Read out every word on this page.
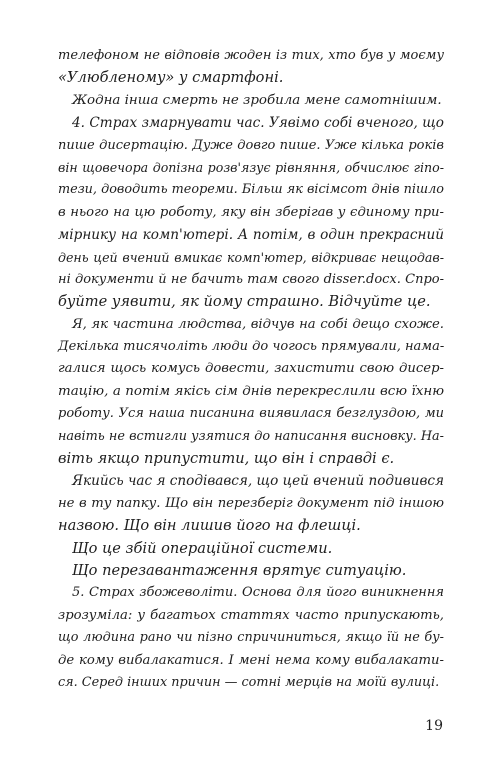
телефоном не відповів жоден із тих, хто був у моєму
«Улюбленому» у смартфоні.
Жодна інша смерть не зробила мене самотнішим.
4. Страх змарнувати час. Уявімо собі вченого, що
пише дисертацію. Дуже довго пише. Уже кілька років
він щовечора допізна розв'язує рівняння, обчислює гіпо-
тези, доводить теореми. Більш як вісімсот днів пішло
в нього на цю роботу, яку він зберігав у єдиному при-
мірнику на комп'ютері. А потім, в один прекрасний
день цей вчений вмикає комп'ютер, відкриває нещодав-
ні документи й не бачить там свого disser.docx. Спро-
буйте уявити, як йому страшно. Відчуйте це.
Я, як частина людства, відчув на собі дещо схоже.
Декілька тисячоліть люди до чогось прямували, нама-
галися щось комусь довести, захистити свою дисер-
тацію, а потім якісь сім днів перекреслили всю їхню
роботу. Уся наша писанина виявилася безглуздою, ми
навіть не встигли узятися до написання висновку. На-
віть якщо припустити, що він і справді є.
Якийсь час я сподівався, що цей вчений подивився
не в ту папку. Що він перезберіг документ під іншою
назвою. Що він лишив його на флешці.
Що це збій операційної системи.
Що перезавантаження врятує ситуацію.
5. Страх збожеволіти. Основа для його виникнення
зрозуміла: у багатьох статтях часто припускають,
що людина рано чи пізно спричиниться, якщо їй не бу-
де кому вибалакатися. І мені нема кому вибалакати-
ся. Серед інших причин — сотні мерців на моїй вулиці.
19
